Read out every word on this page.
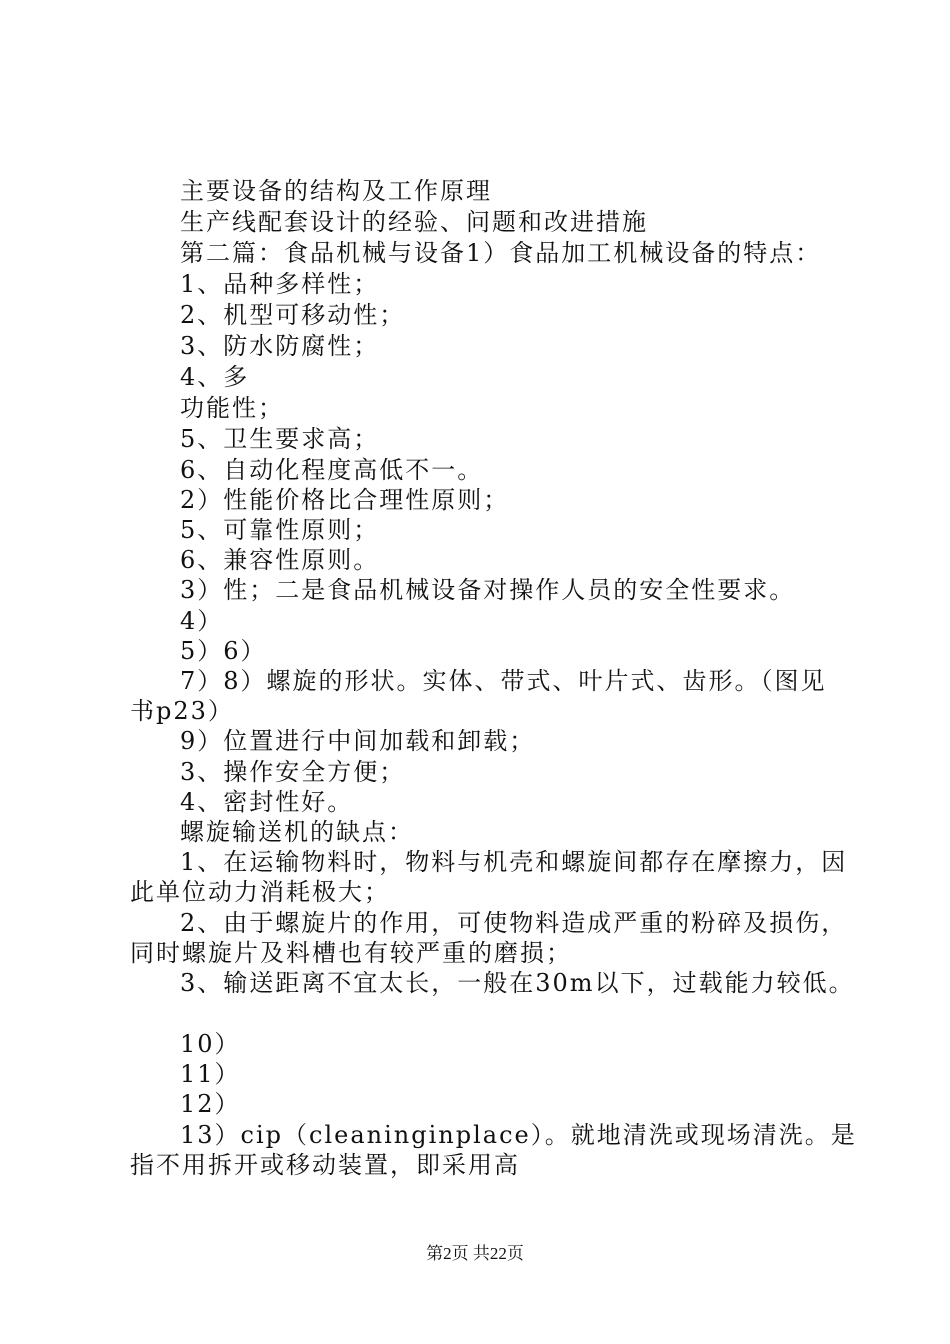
主要设备的结构及工作原理
生产线配套设计的经验、问题和改进措施
第二篇：食品机械与设备1）食品加工机械设备的特点：
1、品种多样性；
2、机型可移动性；
3、防水防腐性；
4、多
功能性；
5、卫生要求高；
6、自动化程度高低不一。
2）性能价格比合理性原则；
5、可靠性原则；
6、兼容性原则。
3）性；二是食品机械设备对操作人员的安全性要求。
4）
5）6）
7）8）螺旋的形状。实体、带式、叶片式、齿形。（图见
书p23）
9）位置进行中间加载和卸载；
3、操作安全方便；
4、密封性好。
螺旋输送机的缺点：
1、在运输物料时，物料与机壳和螺旋间都存在摩擦力，因
此单位动力消耗极大；
2、由于螺旋片的作用，可使物料造成严重的粉碎及损伤，
同时螺旋片及料槽也有较严重的磨损；
3、输送距离不宜太长，一般在30m以下，过载能力较低。
10）
11）
12）
13）cip（cleaninginplace）。就地清洗或现场清洗。是
指不用拆开或移动装置，即采用高
第2页 共22页
